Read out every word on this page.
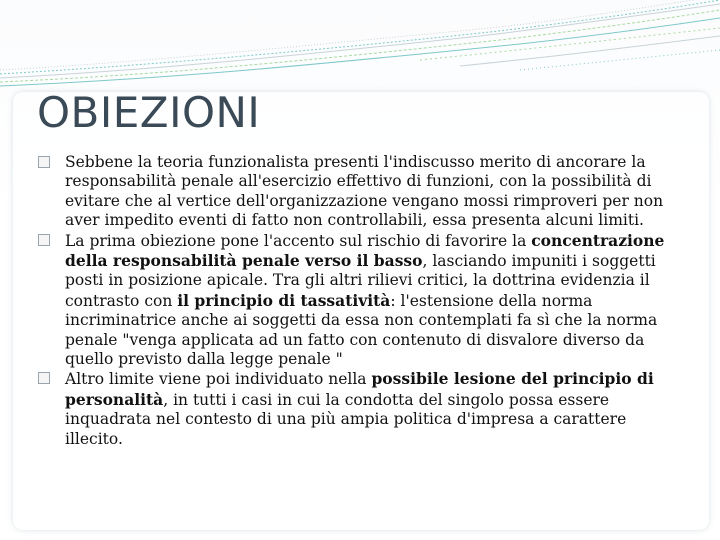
OBIEZIONI

Sebbene la teoria funzionalista presenti l'indiscusso merito di ancorare la responsabilità penale all'esercizio effettivo di funzioni, con la possibilità di evitare che al vertice dell'organizzazione vengano mossi rimproveri per non aver impedito eventi di fatto non controllabili, essa presenta alcuni limiti.

La prima obiezione pone l'accento sul rischio di favorire la concentrazione della responsabilità penale verso il basso, lasciando impuniti i soggetti posti in posizione apicale. Tra gli altri rilievi critici, la dottrina evidenzia il contrasto con il principio di tassatività: l'estensione della norma incriminatrice anche ai soggetti da essa non contemplati fa sì che la norma penale "venga applicata ad un fatto con contenuto di disvalore diverso da quello previsto dalla legge penale "

Altro limite viene poi individuato nella possibile lesione del principio di personalità, in tutti i casi in cui la condotta del singolo possa essere inquadrata nel contesto di una più ampia politica d'impresa a carattere illecito.
